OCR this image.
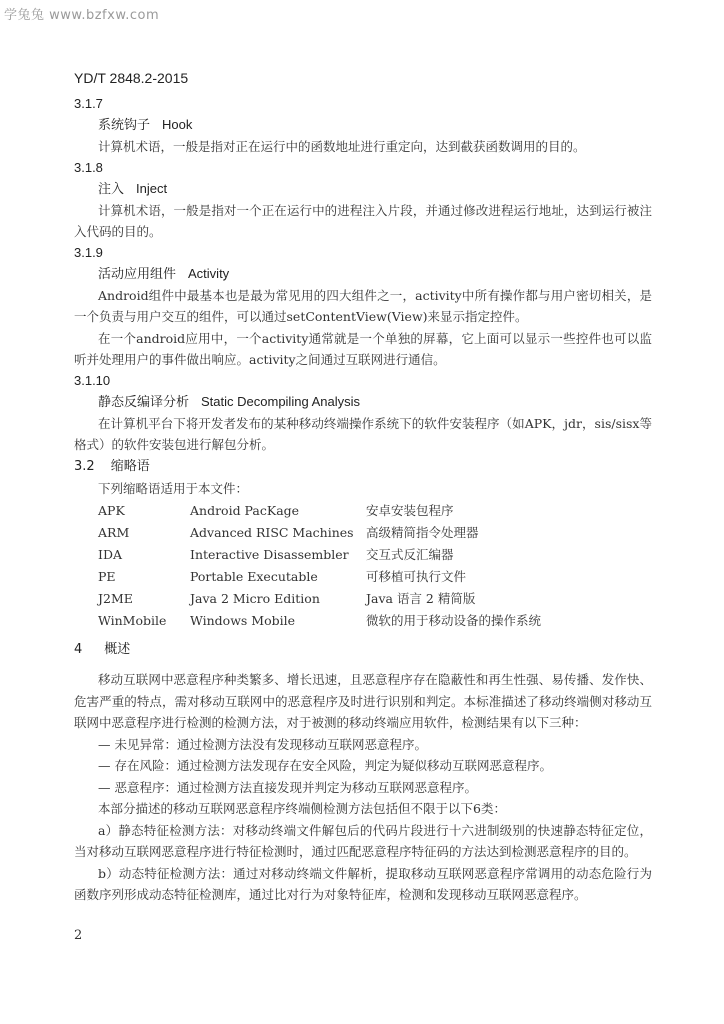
学兔兔 www.bzfxw.com
YD/T 2848.2-2015
3.1.7
系统钩子 Hook
计算机术语，一般是指对正在运行中的函数地址进行重定向，达到截获函数调用的目的。
3.1.8
注入 Inject
计算机术语，一般是指对一个正在运行中的进程注入片段，并通过修改进程运行地址，达到运行被注入代码的目的。
3.1.9
活动应用组件 Activity
Android组件中最基本也是最为常见用的四大组件之一，activity中所有操作都与用户密切相关，是一个负责与用户交互的组件，可以通过setContentView(View)来显示指定控件。
在一个android应用中，一个activity通常就是一个单独的屏幕，它上面可以显示一些控件也可以监听并处理用户的事件做出响应。activity之间通过互联网进行通信。
3.1.10
静态反编译分析 Static Decompiling Analysis
在计算机平台下将开发者发布的某种移动终端操作系统下的软件安装程序（如APK，jdr，sis/sisx等格式）的软件安装包进行解包分析。
3.2 缩略语
下列缩略语适用于本文件：
APK	Android PacKage	安卓安装包程序
ARM	Advanced RISC Machines	高级精简指令处理器
IDA	Interactive Disassembler	交互式反汇编器
PE	Portable Executable	可移植可执行文件
J2ME	Java 2 Micro Edition	Java 语言 2 精简版
WinMobile	Windows Mobile	微软的用于移动设备的操作系统
4 概述
移动互联网中恶意程序种类繁多、增长迅速，且恶意程序存在隐蔽性和再生性强、易传播、发作快、危害严重的特点，需对移动互联网中的恶意程序及时进行识别和判定。本标准描述了移动终端侧对移动互联网中恶意程序进行检测的检测方法，对于被测的移动终端应用软件，检测结果有以下三种：
— 未见异常：通过检测方法没有发现移动互联网恶意程序。
— 存在风险：通过检测方法发现存在安全风险，判定为疑似移动互联网恶意程序。
— 恶意程序：通过检测方法直接发现并判定为移动互联网恶意程序。
本部分描述的移动互联网恶意程序终端侧检测方法包括但不限于以下6类：
a）静态特征检测方法：对移动终端文件解包后的代码片段进行十六进制级别的快速静态特征定位，当对移动互联网恶意程序进行特征检测时，通过匹配恶意程序特征码的方法达到检测恶意程序的目的。
b）动态特征检测方法：通过对移动终端文件解析，提取移动互联网恶意程序常调用的动态危险行为函数序列形成动态特征检测库，通过比对行为对象特征库，检测和发现移动互联网恶意程序。
2
